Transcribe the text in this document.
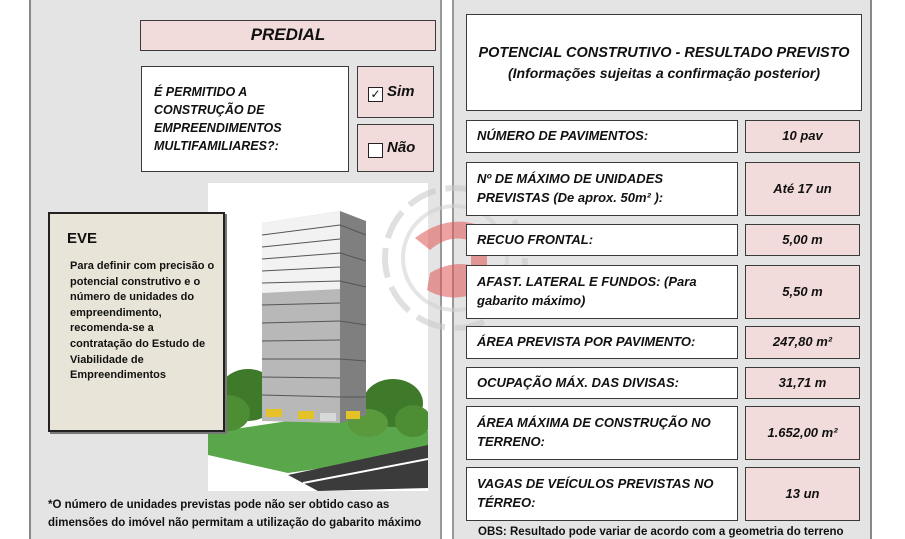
PREDIAL
É PERMITIDO A CONSTRUÇÃO DE EMPREENDIMENTOS MULTIFAMILIARES?:
✓ Sim
Não
EVE
Para definir com precisão o potencial construtivo e o número de unidades do empreendimento, recomenda-se a contratação do Estudo de Viabilidade de Empreendimentos
*O número de unidades previstas pode não ser obtido caso as dimensões do imóvel não permitam a utilização do gabarito máximo
POTENCIAL CONSTRUTIVO - RESULTADO PREVISTO
(Informações sujeitas a confirmação posterior)
NÚMERO DE PAVIMENTOS:	10 pav
Nº DE MÁXIMO DE UNIDADES PREVISTAS (De aprox. 50m² ):
Até 17 un
RECUO FRONTAL:	5,00 m
AFAST. LATERAL E FUNDOS: (Para gabarito máximo)
5,50 m
ÁREA PREVISTA POR PAVIMENTO:	247,80 m²
OCUPAÇÃO MÁX. DAS DIVISAS:	31,71 m
ÁREA MÁXIMA DE CONSTRUÇÃO NO TERRENO:
1.652,00 m²
VAGAS DE VEÍCULOS PREVISTAS NO TÉRREO:
13 un
OBS: Resultado pode variar de acordo com a geometria do terreno
